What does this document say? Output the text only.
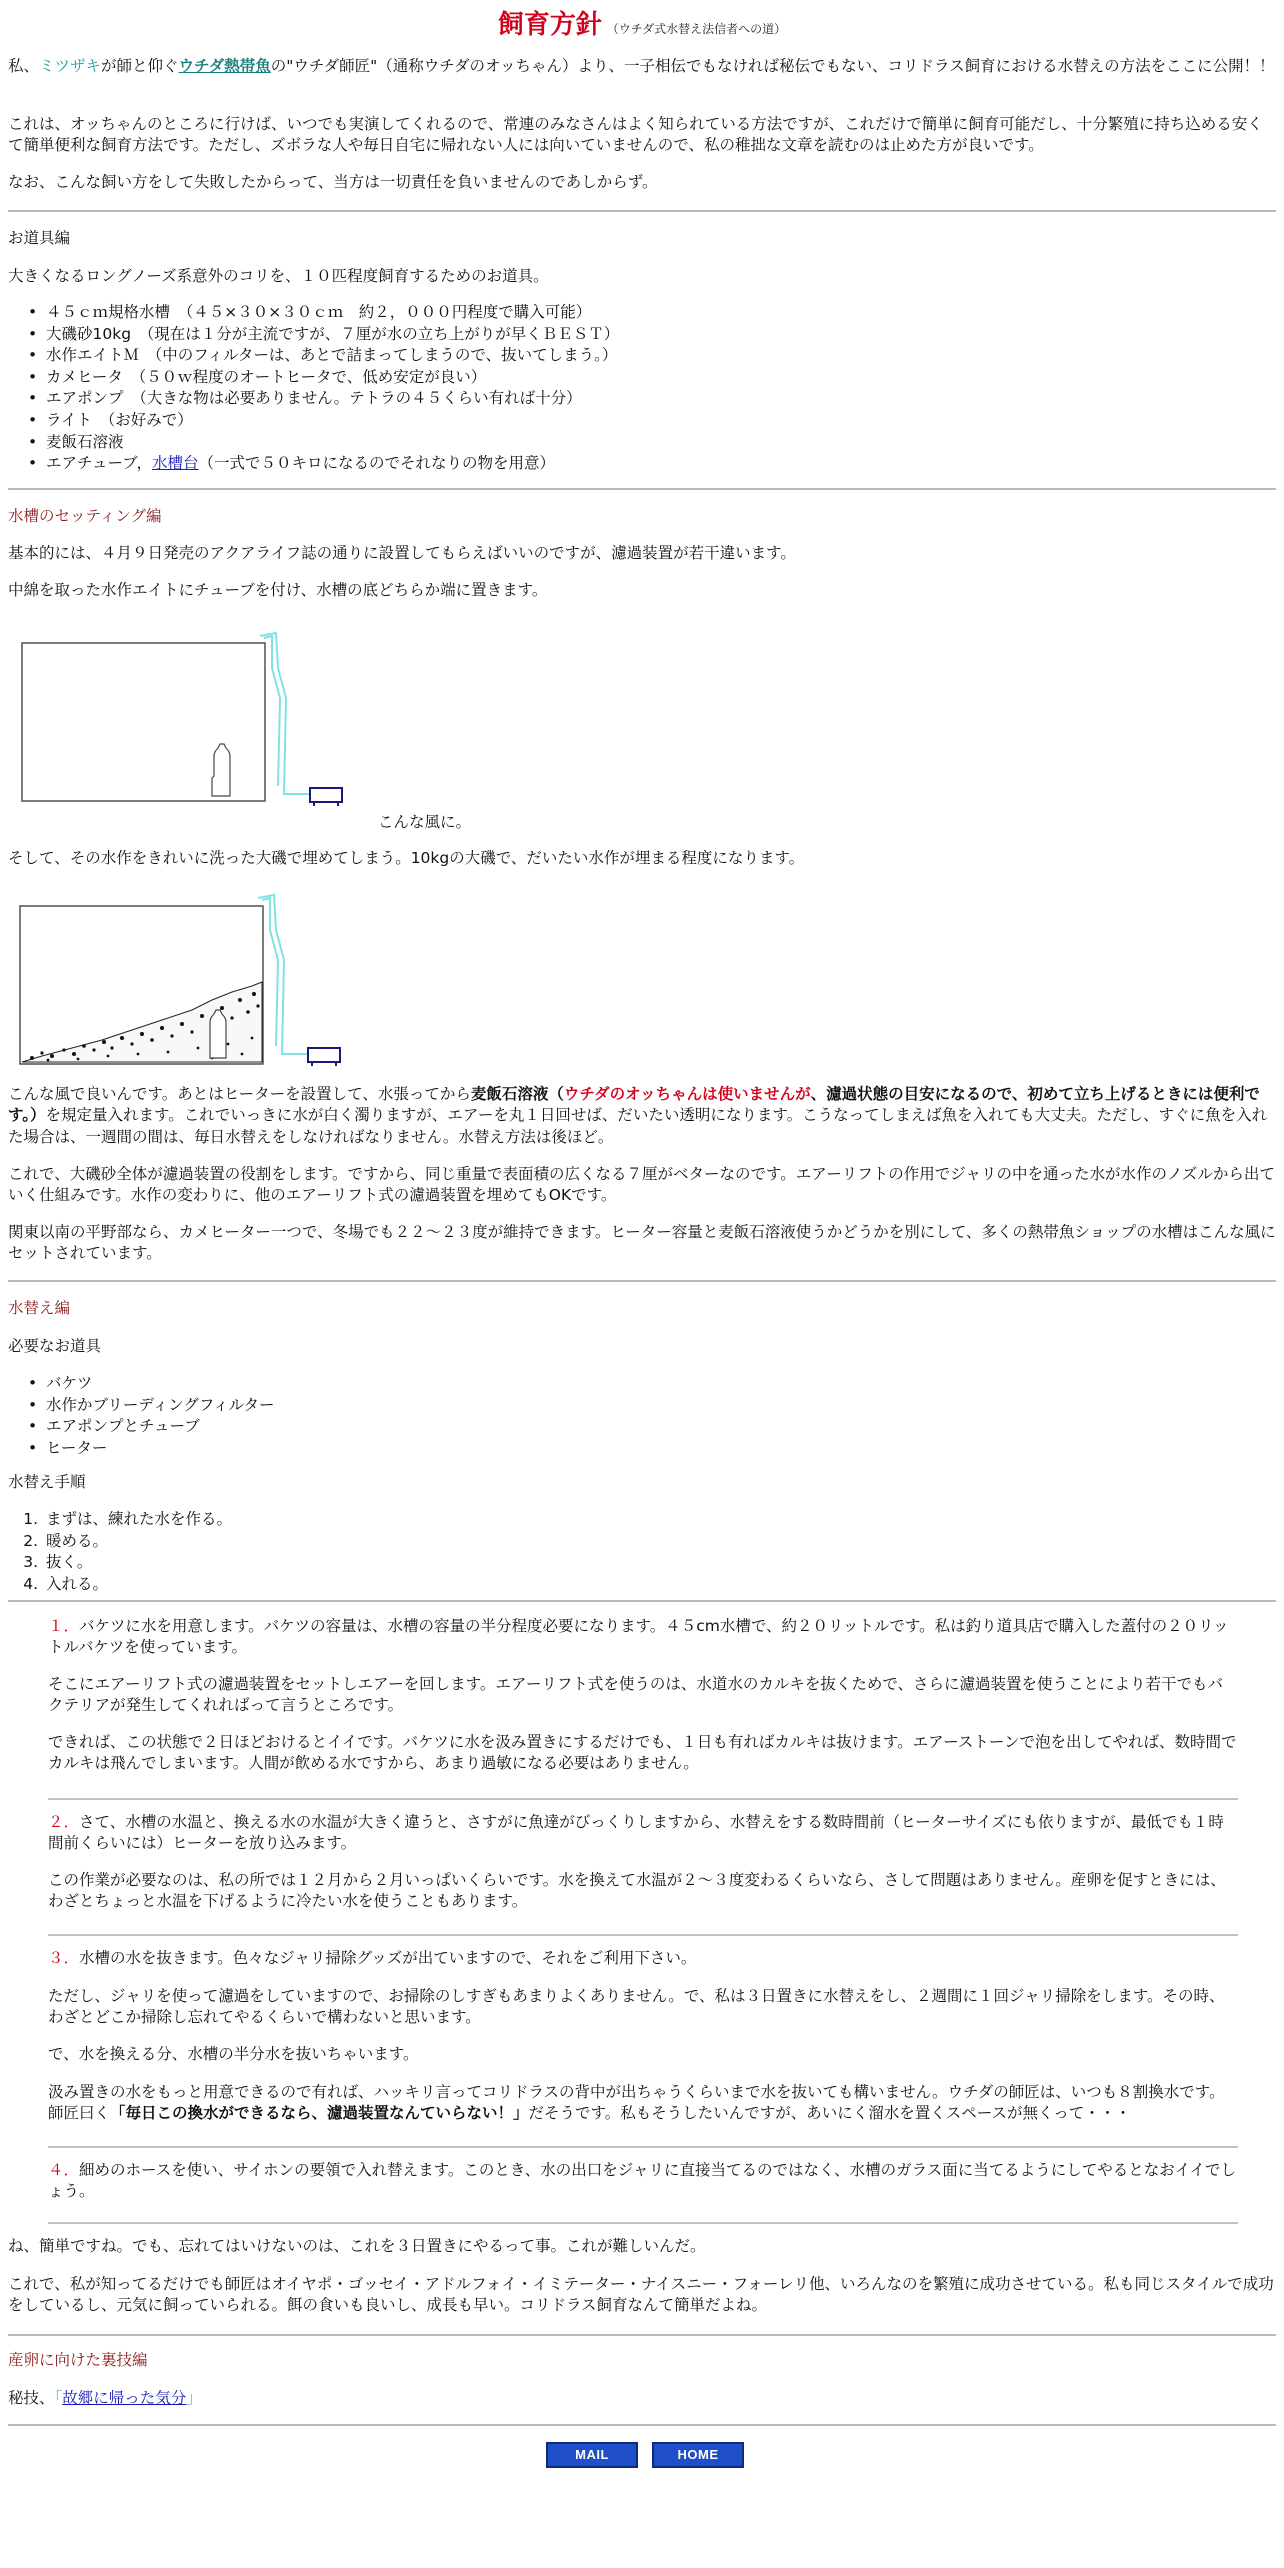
飼育方針 （ウチダ式水替え法信者への道）

私、ミツザキが師と仰ぐウチダ熱帯魚の"ウチダ師匠"（通称ウチダのオッちゃん）より、一子相伝でもなければ秘伝でもない、コリドラス飼育における水替えの方法をここに公開！！

これは、オッちゃんのところに行けば、いつでも実演してくれるので、常連のみなさんはよく知られている方法ですが、これだけで簡単に飼育可能だし、十分繁殖に持ち込める安くて簡単便利な飼育方法です。ただし、ズボラな人や毎日自宅に帰れない人には向いていませんので、私の稚拙な文章を読むのは止めた方が良いです。

なお、こんな飼い方をして失敗したからって、当方は一切責任を負いませんのであしからず。

お道具編

大きくなるロングノーズ系意外のコリを、１０匹程度飼育するためのお道具。

• ４５ｃｍ規格水槽　（４５×３０×３０ｃｍ　約２，０００円程度で購入可能）
• 大磯砂10kg　（現在は１分が主流ですが、７厘が水の立ち上がりが早くＢＥＳＴ）
• 水作エイトＭ　（中のフィルターは、あとで詰まってしまうので、抜いてしまう。）
• カメヒータ　（５０ｗ程度のオートヒータで、低め安定が良い）
• エアポンプ　（大きな物は必要ありません。テトラの４５くらい有れば十分）
• ライト　（お好みで）
• 麦飯石溶液
• エアチューブ，水槽台（一式で５０キロになるのでそれなりの物を用意）

水槽のセッティング編

基本的には、４月９日発売のアクアライフ誌の通りに設置してもらえばいいのですが、濾過装置が若干違います。

中綿を取った水作エイトにチューブを付け、水槽の底どちらか端に置きます。

こんな風に。

そして、その水作をきれいに洗った大磯で埋めてしまう。10kgの大磯で、だいたい水作が埋まる程度になります。

こんな風で良いんです。あとはヒーターを設置して、水張ってから麦飯石溶液（ウチダのオッちゃんは使いませんが、濾過状態の目安になるので、初めて立ち上げるときには便利です。）を規定量入れます。これでいっきに水が白く濁りますが、エアーを丸１日回せば、だいたい透明になります。こうなってしまえば魚を入れても大丈夫。ただし、すぐに魚を入れた場合は、一週間の間は、毎日水替えをしなければなりません。水替え方法は後ほど。

これで、大磯砂全体が濾過装置の役割をします。ですから、同じ重量で表面積の広くなる７厘がベターなのです。エアーリフトの作用でジャリの中を通った水が水作のノズルから出ていく仕組みです。水作の変わりに、他のエアーリフト式の濾過装置を埋めてもOKです。

関東以南の平野部なら、カメヒーター一つで、冬場でも２２～２３度が維持できます。ヒーター容量と麦飯石溶液使うかどうかを別にして、多くの熱帯魚ショップの水槽はこんな風にセットされています。

水替え編

必要なお道具

• バケツ
• 水作かブリーディングフィルター
• エアポンプとチューブ
• ヒーター

水替え手順

1. まずは、練れた水を作る。
2. 暖める。
3. 抜く。
4. 入れる。

１．バケツに水を用意します。バケツの容量は、水槽の容量の半分程度必要になります。４５cm水槽で、約２０リットルです。私は釣り道具店で購入した蓋付の２０リットルバケツを使っています。

そこにエアーリフト式の濾過装置をセットしエアーを回します。エアーリフト式を使うのは、水道水のカルキを抜くためで、さらに濾過装置を使うことにより若干でもバクテリアが発生してくれればって言うところです。

できれば、この状態で２日ほどおけるとイイです。バケツに水を汲み置きにするだけでも、１日も有ればカルキは抜けます。エアーストーンで泡を出してやれば、数時間でカルキは飛んでしまいます。人間が飲める水ですから、あまり過敏になる必要はありません。

２．さて、水槽の水温と、換える水の水温が大きく違うと、さすがに魚達がびっくりしますから、水替えをする数時間前（ヒーターサイズにも依りますが、最低でも１時間前くらいには）ヒーターを放り込みます。

この作業が必要なのは、私の所では１２月から２月いっぱいくらいです。水を換えて水温が２～３度変わるくらいなら、さして問題はありません。産卵を促すときには、わざとちょっと水温を下げるように冷たい水を使うこともあります。

３．水槽の水を抜きます。色々なジャリ掃除グッズが出ていますので、それをご利用下さい。

ただし、ジャリを使って濾過をしていますので、お掃除のしすぎもあまりよくありません。で、私は３日置きに水替えをし、２週間に１回ジャリ掃除をします。その時、わざとどこか掃除し忘れてやるくらいで構わないと思います。

で、水を換える分、水槽の半分水を抜いちゃいます。

汲み置きの水をもっと用意できるので有れば、ハッキリ言ってコリドラスの背中が出ちゃうくらいまで水を抜いても構いません。ウチダの師匠は、いつも８割換水です。師匠曰く「毎日この換水ができるなら、濾過装置なんていらない！」だそうです。私もそうしたいんですが、あいにく溜水を置くスペースが無くって・・・

４．細めのホースを使い、サイホンの要領で入れ替えます。このとき、水の出口をジャリに直接当てるのではなく、水槽のガラス面に当てるようにしてやるとなおイイでしょう。

ね、簡単ですね。でも、忘れてはいけないのは、これを３日置きにやるって事。これが難しいんだ。

これで、私が知ってるだけでも師匠はオイヤポ・ゴッセイ・アドルフォイ・イミテーター・ナイスニー・フォーレリ他、いろんなのを繁殖に成功させている。私も同じスタイルで成功をしているし、元気に飼っていられる。餌の食いも良いし、成長も早い。コリドラス飼育なんて簡単だよね。

産卵に向けた裏技編

秘技、「故郷に帰った気分」

MAIL	HOME
